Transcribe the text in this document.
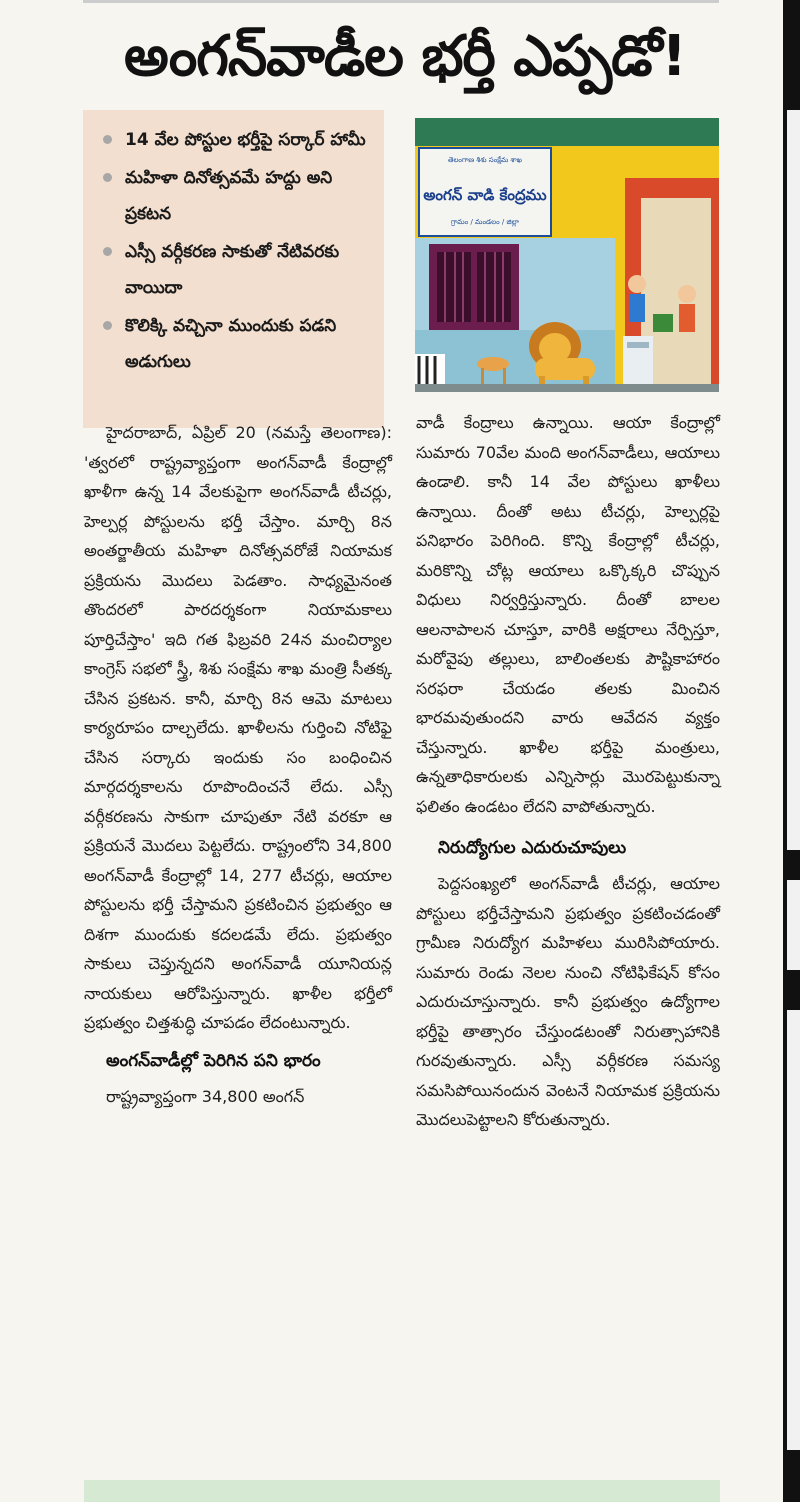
అంగన్‌వాడీల భర్తీ ఎప్పడో!
14 వేల పోస్టుల భర్తీపై సర్కార్ హామీ
మహిళా దినోత్సవమే హద్దు అని ప్రకటన
ఎస్సీ వర్గీకరణ సాకుతో నేటివరకు వాయిదా
కొలిక్కి వచ్చినా ముందుకు పడని అడుగులు
తెలంగాణ శిశు సంక్షేమ శాఖ
అంగన్ వాడి కేంద్రము
గ్రామం / మండలం / జిల్లా

హైదరాబాద్, ఏప్రిల్ 20 (నమస్తే తెలంగాణ): 'త్వరలో రాష్ట్రవ్యాప్తంగా అంగన్‌వాడీ కేంద్రాల్లో ఖాళీగా ఉన్న 14 వేలకుపైగా అంగన్‌వాడీ టీచర్లు, హెల్పర్ల పోస్టులను భర్తీ చేస్తాం. మార్చి 8న అంతర్జాతీయ మహిళా దినోత్సవరోజే నియామక ప్రక్రియను మొదలు పెడతాం. సాధ్యమైనంత తొందరలో పారదర్శకంగా నియామకాలు పూర్తిచేస్తాం' ఇది గత ఫిబ్రవరి 24న మంచిర్యాల కాంగ్రెస్ సభలో స్త్రీ, శిశు సంక్షేమ శాఖ మంత్రి సీతక్క చేసిన ప్రకటన. కానీ, మార్చి 8న ఆమె మాటలు కార్యరూపం దాల్చలేదు. ఖాళీలను గుర్తించి నోటిఫై చేసిన సర్కారు ఇందుకు సం బంధించిన మార్గదర్శకాలను రూపొందించనే లేదు. ఎస్సీ వర్గీకరణను సాకుగా చూపుతూ నేటి వరకూ ఆ ప్రక్రియనే మొదలు పెట్టలేదు. రాష్ట్రంలోని 34,800 అంగన్‌వాడీ కేంద్రాల్లో 14, 277 టీచర్లు, ఆయాల పోస్టులను భర్తీ చేస్తామని ప్రకటించిన ప్రభుత్వం ఆ దిశగా ముందుకు కదలడమే లేదు. ప్రభుత్వం సాకులు చెప్తున్నదని అంగన్‌వాడీ యూనియన్ల నాయకులు ఆరోపిస్తున్నారు. ఖాళీల భర్తీలో ప్రభుత్వం చిత్తశుద్ధి చూపడం లేదంటున్నారు.

అంగన్‌వాడీల్లో పెరిగిన పని భారం

రాష్ట్రవ్యాప్తంగా 34,800 అంగన్

వాడీ కేంద్రాలు ఉన్నాయి. ఆయా కేంద్రాల్లో సుమారు 70వేల మంది అంగన్‌వాడీలు, ఆయాలు ఉండాలి. కానీ 14 వేల పోస్టులు ఖాళీలు ఉన్నాయి. దీంతో అటు టీచర్లు, హెల్పర్లపై పనిభారం పెరిగింది. కొన్ని కేంద్రాల్లో టీచర్లు, మరికొన్ని చోట్ల ఆయాలు ఒక్కొక్కరి చొప్పున విధులు నిర్వర్తిస్తున్నారు. దీంతో బాలల ఆలనాపాలన చూస్తూ, వారికి అక్షరాలు నేర్పిస్తూ, మరోవైపు తల్లులు, బాలింతలకు పౌష్టికాహారం సరఫరా చేయడం తలకు మించిన భారమవుతుందని వారు ఆవేదన వ్యక్తం చేస్తున్నారు. ఖాళీల భర్తీపై మంత్రులు, ఉన్నతాధికారులకు ఎన్నిసార్లు మొరపెట్టుకున్నా ఫలితం ఉండటం లేదని వాపోతున్నారు.

నిరుద్యోగుల ఎదురుచూపులు

పెద్దసంఖ్యలో అంగన్‌వాడీ టీచర్లు, ఆయాల పోస్టులు భర్తీచేస్తామని ప్రభుత్వం ప్రకటించడంతో గ్రామీణ నిరుద్యోగ మహిళలు మురిసిపోయారు. సుమారు రెండు నెలల నుంచి నోటిఫికేషన్ కోసం ఎదురుచూస్తున్నారు. కానీ ప్రభుత్వం ఉద్యోగాల భర్తీపై తాత్సారం చేస్తుండటంతో నిరుత్సాహానికి గురవుతున్నారు. ఎస్సీ వర్గీకరణ సమస్య సమసిపోయినందున వెంటనే నియామక ప్రక్రియను మొదలుపెట్టాలని కోరుతున్నారు.
